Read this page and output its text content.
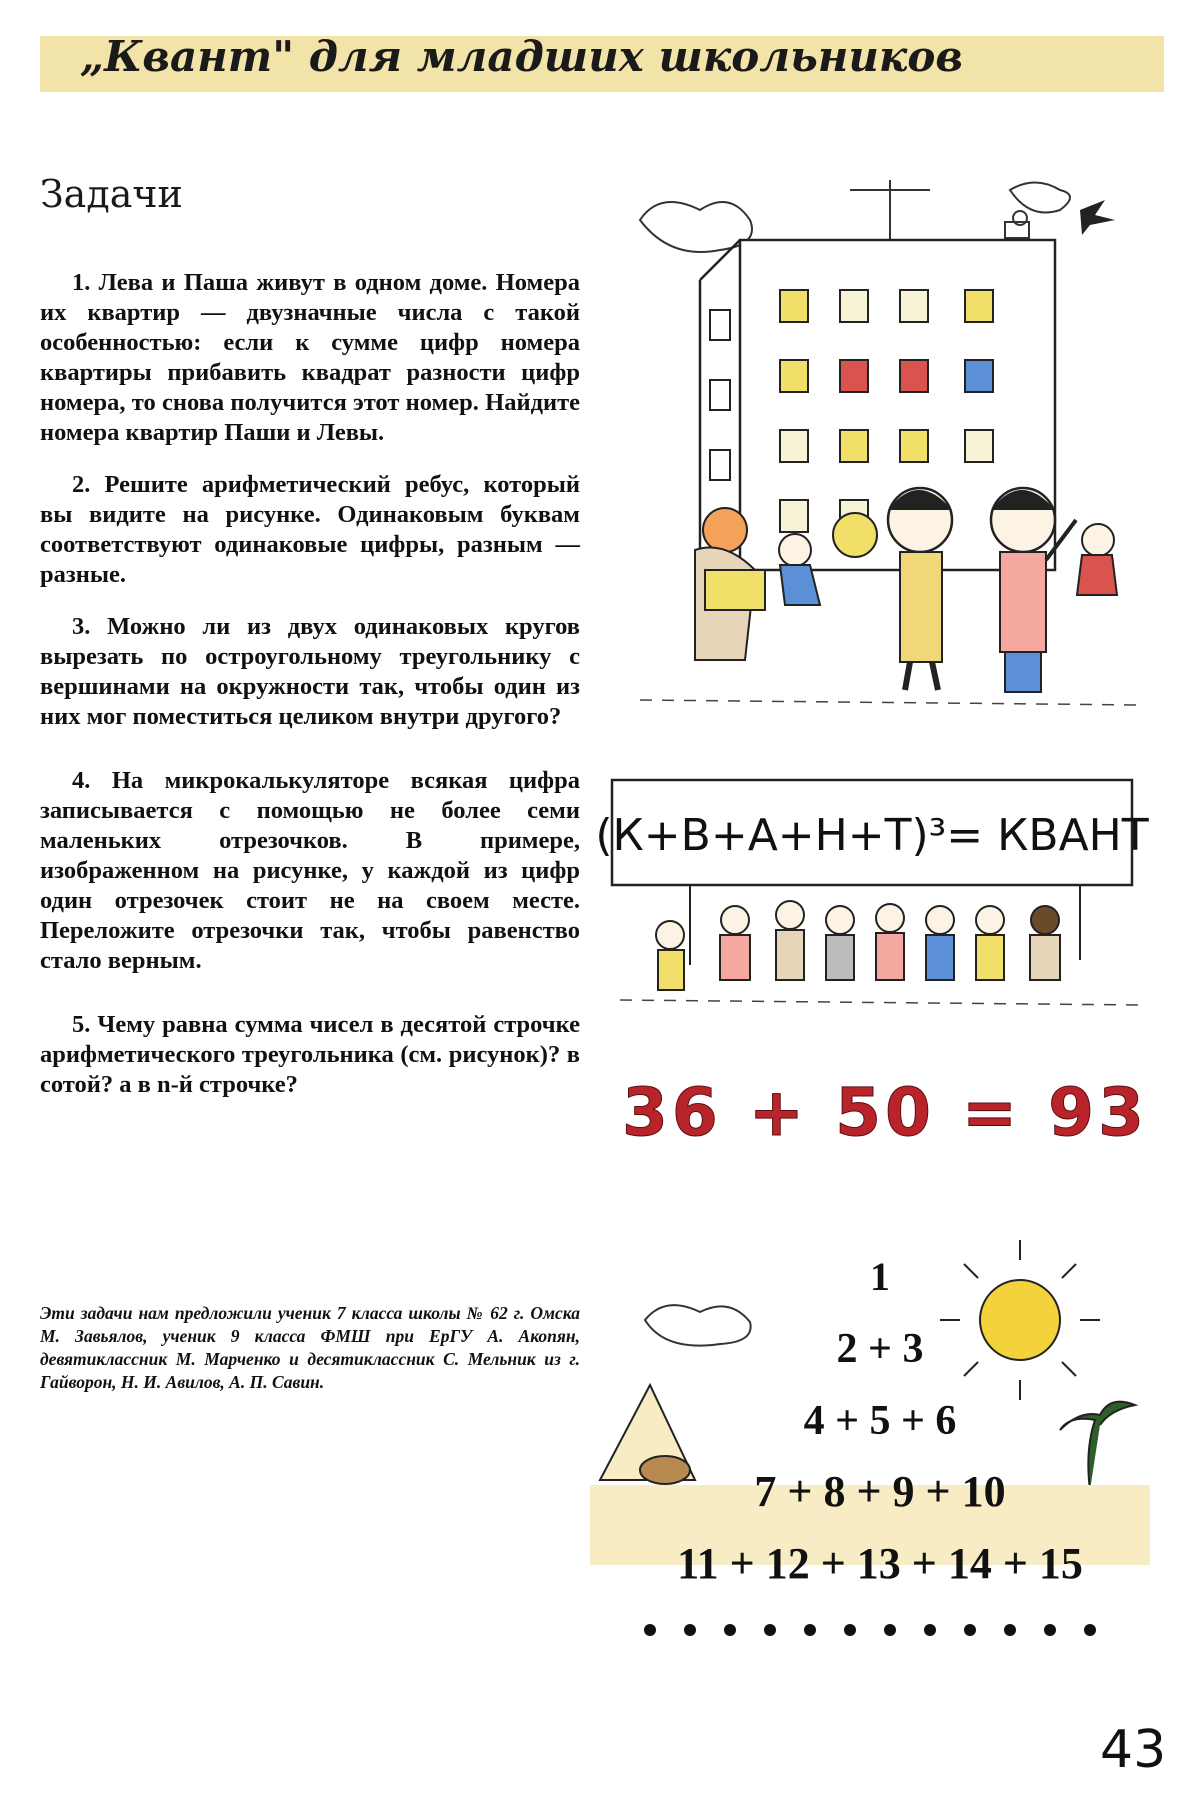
„Квант" для младших школьников
Задачи

1. Лева и Паша живут в одном доме. Номера их квартир — двузначные числа с такой особенностью: если к сумме цифр номера квартиры прибавить квадрат разности цифр номера, то снова получится этот номер. Найдите номера квартир Паши и Левы.

2. Решите арифметический ребус, который вы видите на рисунке. Одинаковым буквам соответствуют одинаковые цифры, разным — разные.

3. Можно ли из двух одинаковых кругов вырезать по остроугольному треугольнику с вершинами на окружности так, чтобы один из них мог поместиться целиком внутри другого?

4. На микрокалькуляторе всякая цифра записывается с помощью не более семи маленьких отрезочков. В примере, изображенном на рисунке, у каждой из цифр один отрезочек стоит не на своем месте. Переложите отрезочки так, чтобы равенство стало верным.

5. Чему равна сумма чисел в десятой строчке арифметического треугольника (см. рисунок)? в сотой? а в n-й строчке?

Эти задачи нам предложили ученик 7 класса школы № 62 г. Омска М. Завьялов, ученик 9 класса ФМШ при ЕрГУ А. Акопян, девятиклассник М. Марченко и десятиклассник С. Мельник из г. Гайворон, Н. И. Авилов, А. П. Савин.
(К+В+А+Н+Т)³= КВАНТ
36 + 50 = 93
1
2 + 3
4 + 5 + 6
7 + 8 + 9 + 10
11 + 12 + 13 + 14 + 15
43
